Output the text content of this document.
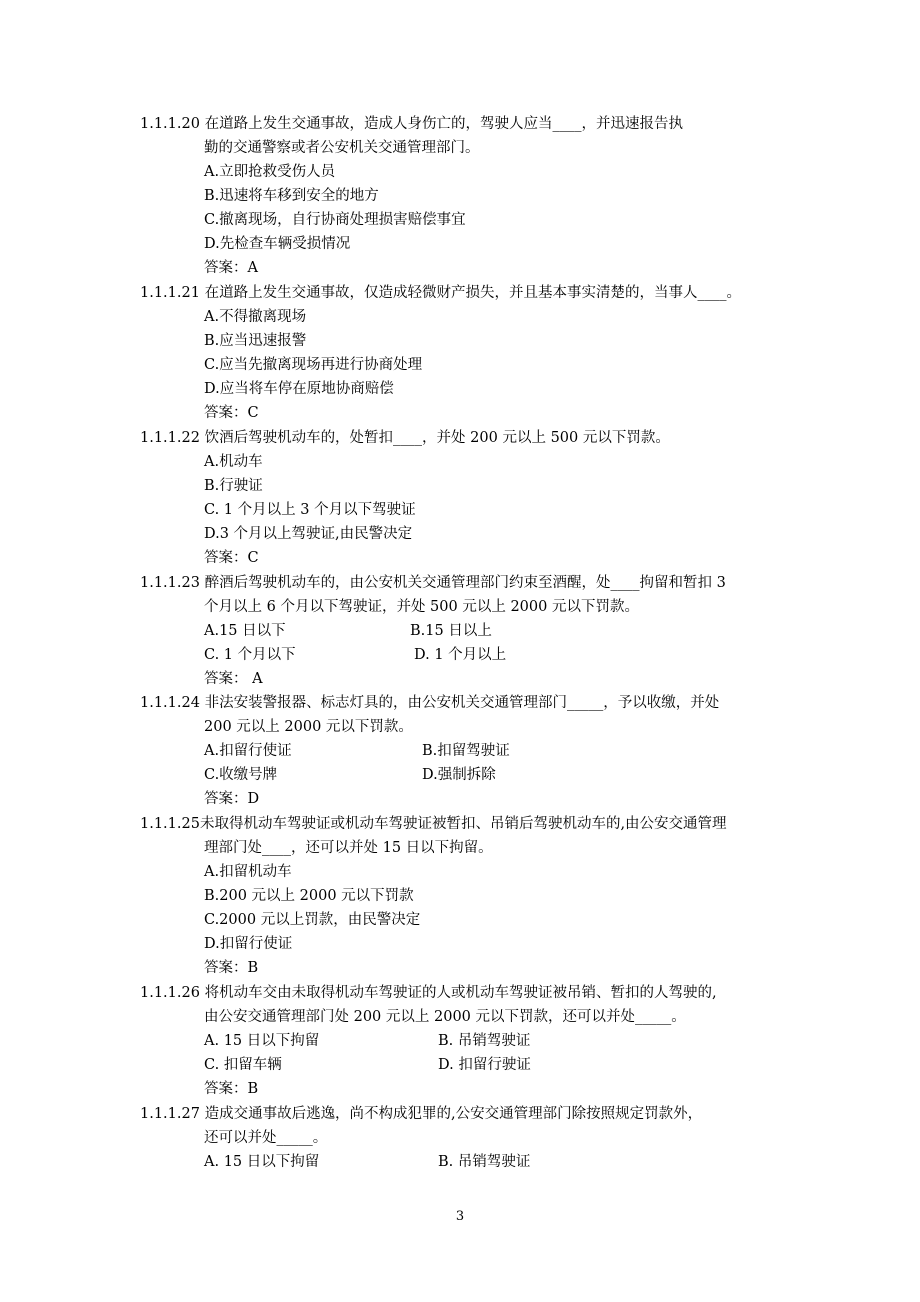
1.1.1.20 在道路上发生交通事故，造成人身伤亡的，驾驶人应当____，并迅速报告执
勤的交通警察或者公安机关交通管理部门。
A.立即抢救受伤人员
B.迅速将车移到安全的地方
C.撤离现场，自行协商处理损害赔偿事宜
D.先检查车辆受损情况
答案：A
1.1.1.21 在道路上发生交通事故，仅造成轻微财产损失，并且基本事实清楚的，当事人____。
A.不得撤离现场
B.应当迅速报警
C.应当先撤离现场再进行协商处理
D.应当将车停在原地协商赔偿
答案：C
1.1.1.22 饮酒后驾驶机动车的，处暂扣____，并处 200 元以上 500 元以下罚款。
A.机动车
B.行驶证
C. 1 个月以上 3 个月以下驾驶证
D.3 个月以上驾驶证,由民警决定
答案：C
1.1.1.23 醉酒后驾驶机动车的，由公安机关交通管理部门约束至酒醒，处____拘留和暂扣 3
个月以上 6 个月以下驾驶证，并处 500 元以上 2000 元以下罚款。
A.15 日以下	B.15 日以上
C. 1 个月以下	D. 1 个月以上
答案： A
1.1.1.24 非法安装警报器、标志灯具的，由公安机关交通管理部门_____，予以收缴，并处
200 元以上 2000 元以下罚款。
A.扣留行使证	B.扣留驾驶证
C.收缴号牌	D.强制拆除
答案：D
1.1.1.25未取得机动车驾驶证或机动车驾驶证被暂扣、吊销后驾驶机动车的,由公安交通管理
理部门处____，还可以并处 15 日以下拘留。
A.扣留机动车
B.200 元以上 2000 元以下罚款
C.2000 元以上罚款，由民警决定
D.扣留行使证
答案：B
1.1.1.26 将机动车交由未取得机动车驾驶证的人或机动车驾驶证被吊销、暂扣的人驾驶的,
由公安交通管理部门处 200 元以上 2000 元以下罚款，还可以并处_____。
A. 15 日以下拘留	B. 吊销驾驶证
C. 扣留车辆	D. 扣留行驶证
答案：B
1.1.1.27 造成交通事故后逃逸，尚不构成犯罪的,公安交通管理部门除按照规定罚款外，
还可以并处_____。
A. 15 日以下拘留	B. 吊销驾驶证
3
